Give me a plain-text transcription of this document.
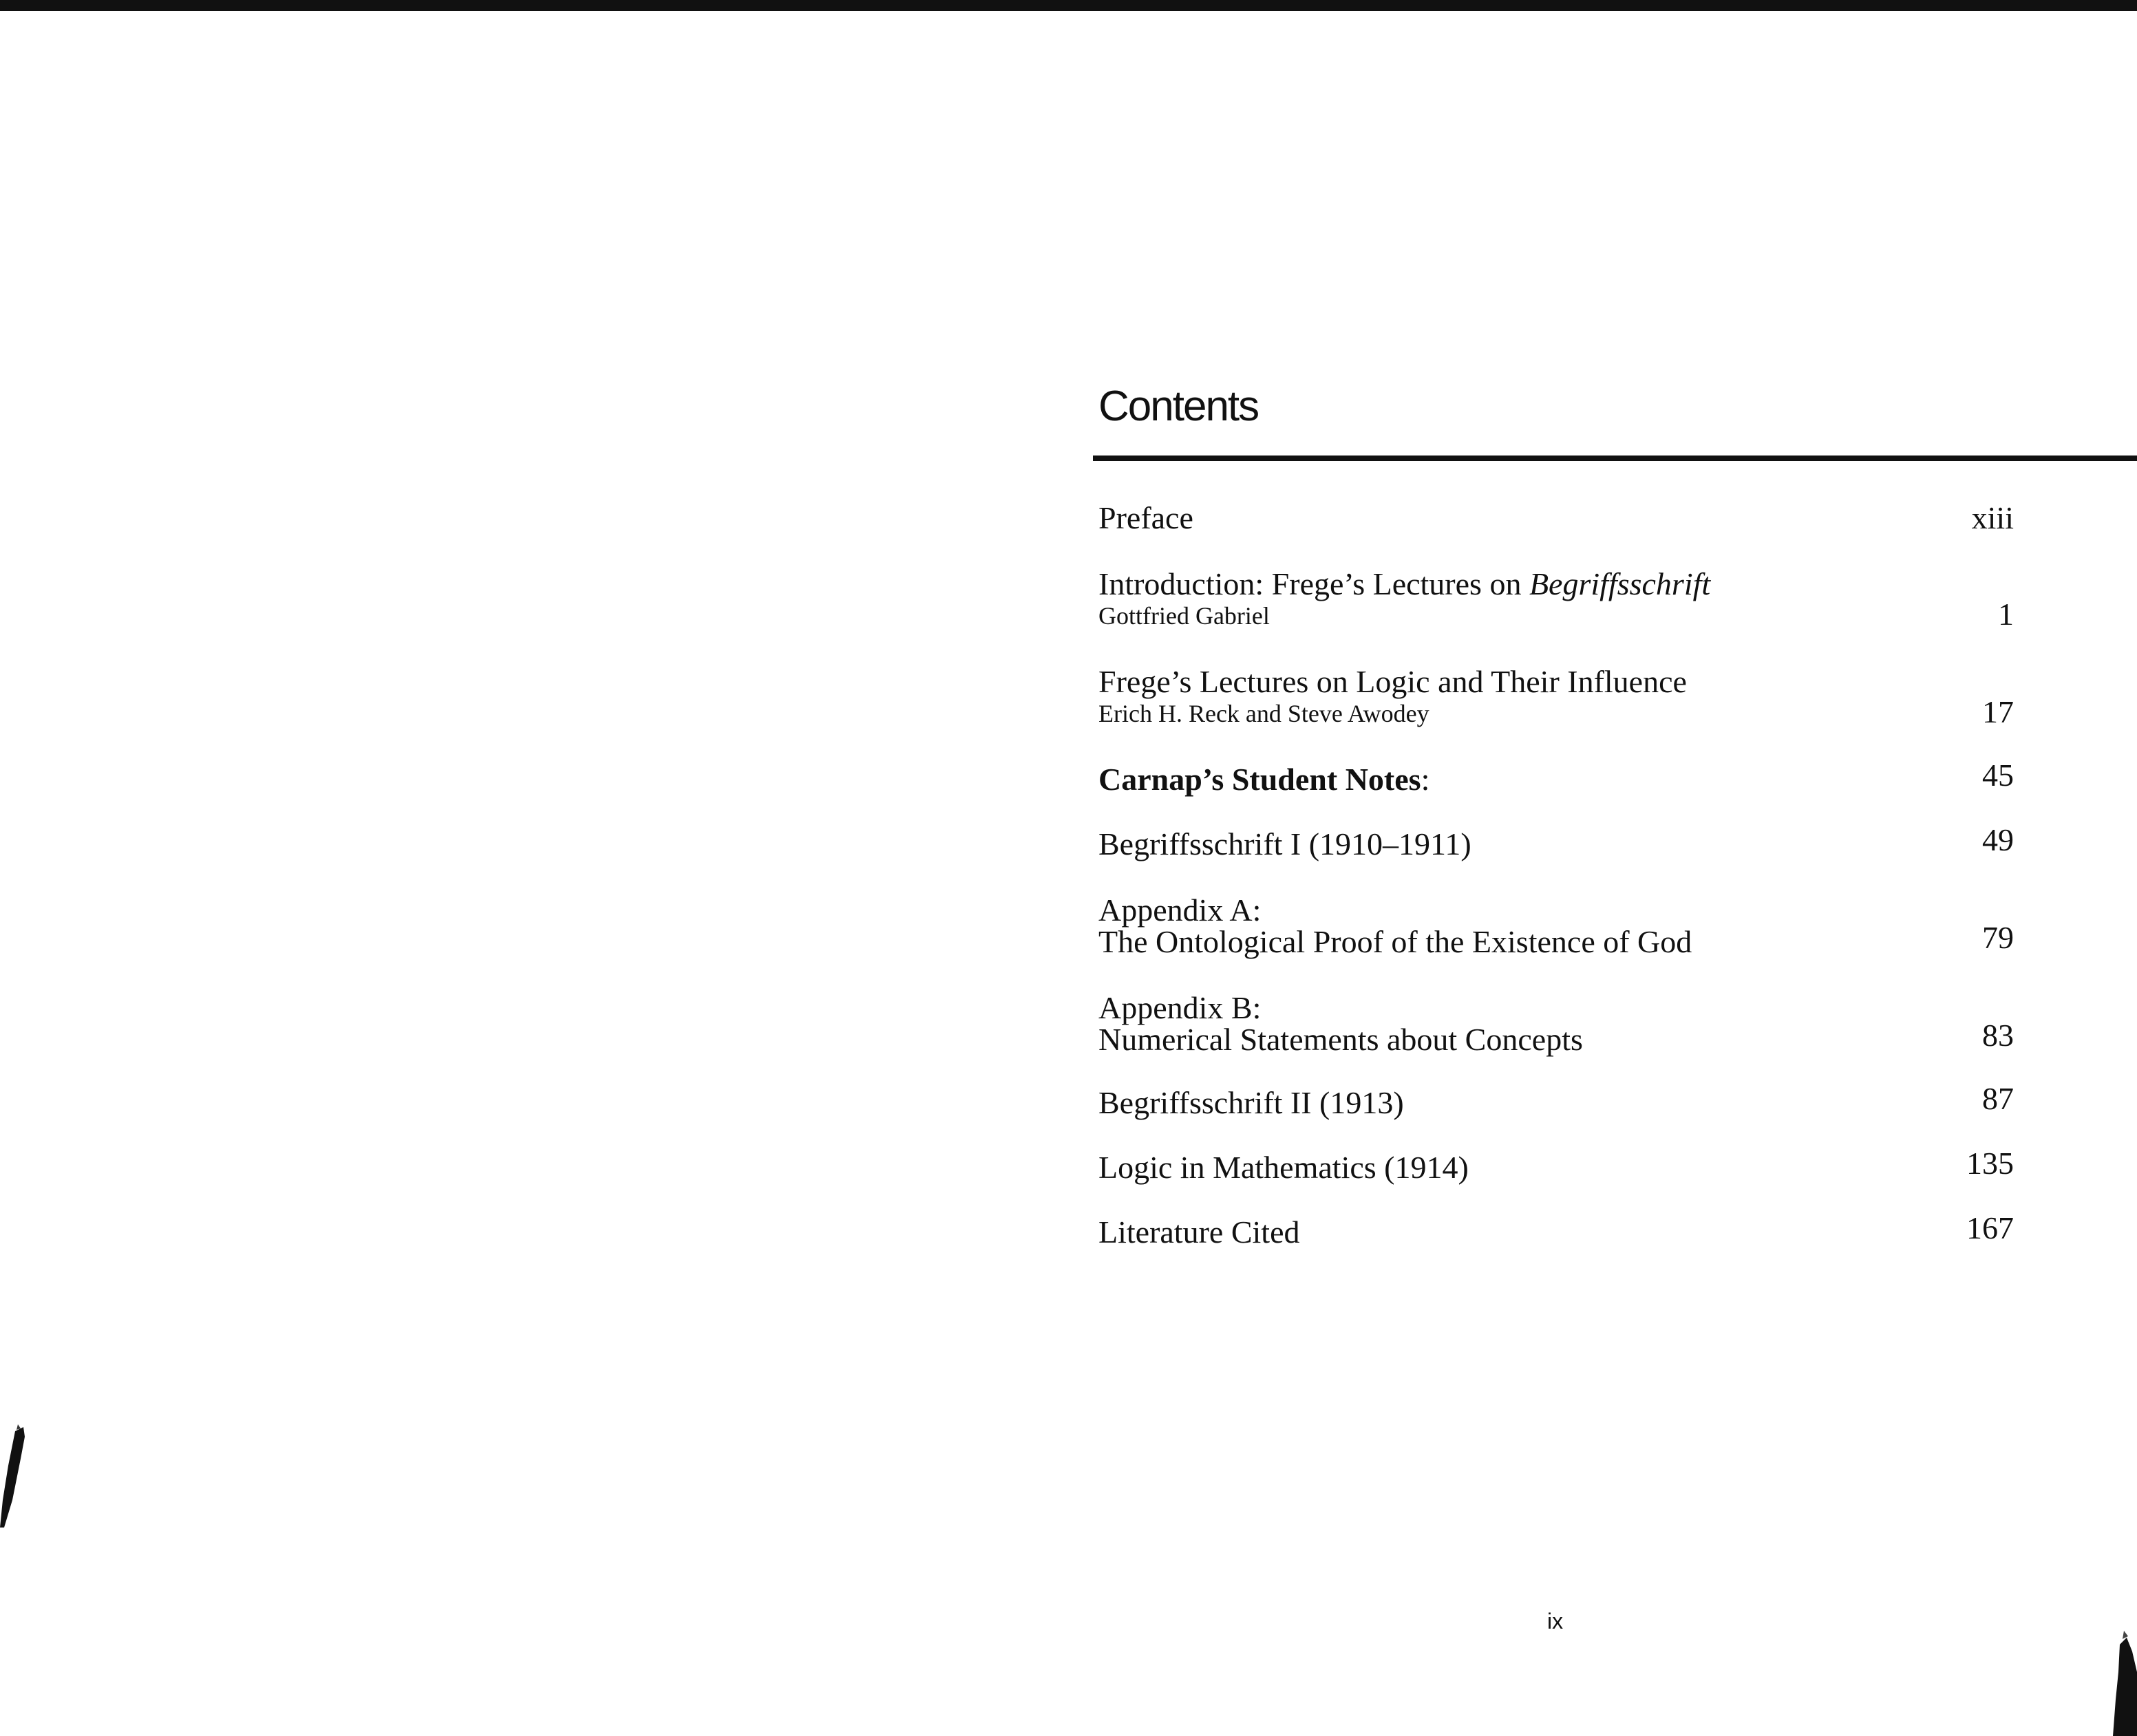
Contents
Preface	xiii
Introduction: Frege’s Lectures on Begriffsschrift
Gottfried Gabriel	1
Frege’s Lectures on Logic and Their Influence
Erich H. Reck and Steve Awodey	17
Carnap’s Student Notes:	45
Begriffsschrift I (1910–1911)	49
Appendix A:
The Ontological Proof of the Existence of God	79
Appendix B:
Numerical Statements about Concepts	83
Begriffsschrift II (1913)	87
Logic in Mathematics (1914)	135
Literature Cited	167
ix
